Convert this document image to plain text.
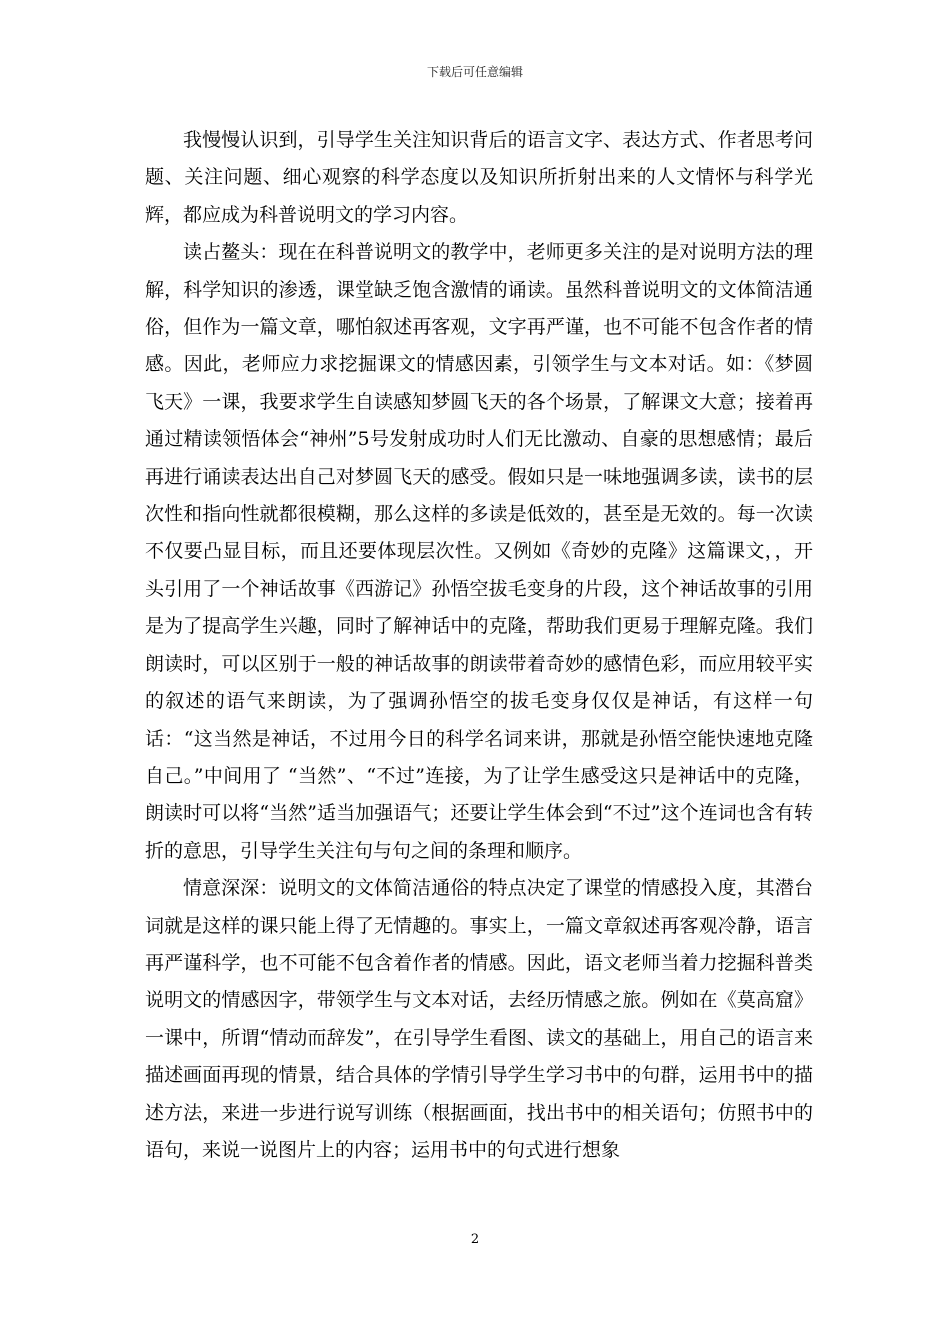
下载后可任意编辑

我慢慢认识到，引导学生关注知识背后的语言文字、表达方式、作者思考问题、关注问题、细心观察的科学态度以及知识所折射出来的人文情怀与科学光辉，都应成为科普说明文的学习内容。

读占鳌头：现在在科普说明文的教学中，老师更多关注的是对说明方法的理解，科学知识的渗透，课堂缺乏饱含激情的诵读。虽然科普说明文的文体简洁通俗，但作为一篇文章，哪怕叙述再客观，文字再严谨，也不可能不包含作者的情感。因此，老师应力求挖掘课文的情感因素，引领学生与文本对话。如：《梦圆飞天》一课，我要求学生自读感知梦圆飞天的各个场景，了解课文大意；接着再通过精读领悟体会“神州”5号发射成功时人们无比激动、自豪的思想感情；最后再进行诵读表达出自己对梦圆飞天的感受。假如只是一味地强调多读，读书的层次性和指向性就都很模糊，那么这样的多读是低效的，甚至是无效的。每一次读不仅要凸显目标，而且还要体现层次性。又例如《奇妙的克隆》这篇课文，，开头引用了一个神话故事《西游记》孙悟空拔毛变身的片段，这个神话故事的引用是为了提高学生兴趣，同时了解神话中的克隆，帮助我们更易于理解克隆。我们朗读时，可以区别于一般的神话故事的朗读带着奇妙的感情色彩，而应用较平实的叙述的语气来朗读，为了强调孙悟空的拔毛变身仅仅是神话，有这样一句话：“这当然是神话，不过用今日的科学名词来讲，那就是孙悟空能快速地克隆自己。”中间用了 “当然”、“不过”连接，为了让学生感受这只是神话中的克隆，朗读时可以将“当然”适当加强语气；还要让学生体会到“不过”这个连词也含有转折的意思，引导学生关注句与句之间的条理和顺序。

情意深深：说明文的文体简洁通俗的特点决定了课堂的情感投入度，其潜台词就是这样的课只能上得了无情趣的。事实上，一篇文章叙述再客观冷静，语言再严谨科学，也不可能不包含着作者的情感。因此，语文老师当着力挖掘科普类说明文的情感因字，带领学生与文本对话，去经历情感之旅。例如在《莫高窟》一课中，所谓“情动而辞发”，在引导学生看图、读文的基础上，用自己的语言来描述画面再现的情景，结合具体的学情引导学生学习书中的句群，运用书中的描述方法，来进一步进行说写训练（根据画面，找出书中的相关语句；仿照书中的语句，来说一说图片上的内容；运用书中的句式进行想象

2
